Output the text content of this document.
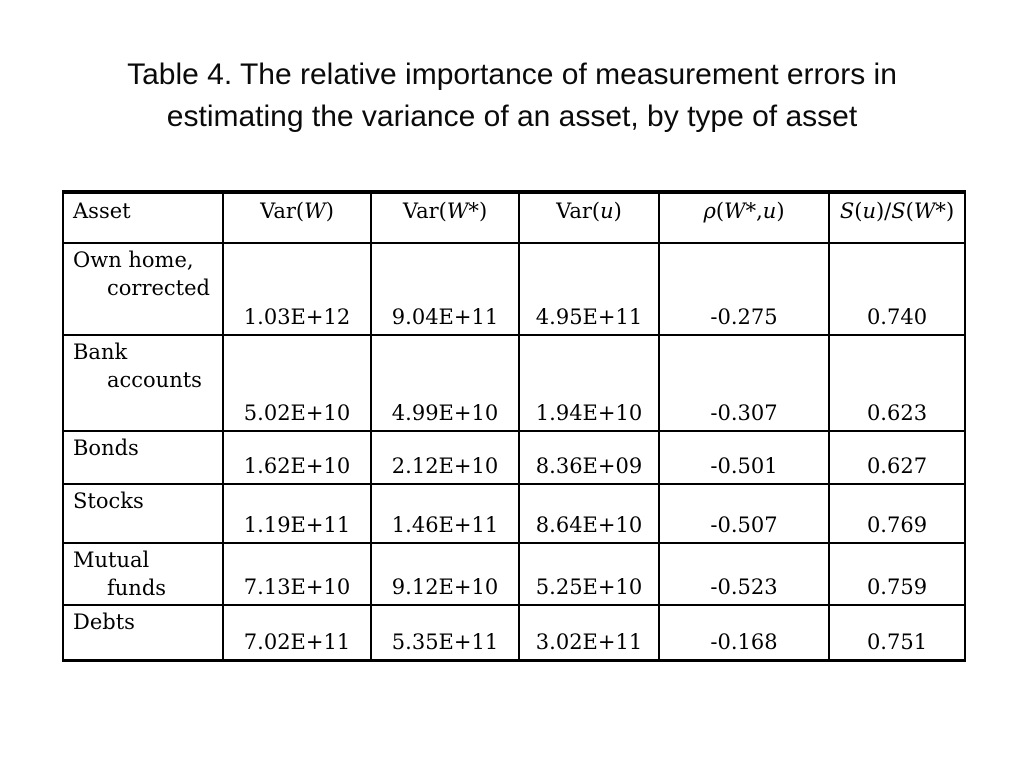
Table 4. The relative importance of measurement errors in
estimating the variance of an asset, by type of asset
Asset	Var(W)	Var(W*)	Var(u)	ρ(W*,u)	S(u)/S(W*)

Own home,
corrected	1.03E+12	9.04E+11	4.95E+11	-0.275	0.740

Bank
accounts	5.02E+10	4.99E+10	1.94E+10	-0.307	0.623

Bonds	1.62E+10	2.12E+10	8.36E+09	-0.501	0.627

Stocks	1.19E+11	1.46E+11	8.64E+10	-0.507	0.769

Mutual
funds	7.13E+10	9.12E+10	5.25E+10	-0.523	0.759

Debts	7.02E+11	5.35E+11	3.02E+11	-0.168	0.751
